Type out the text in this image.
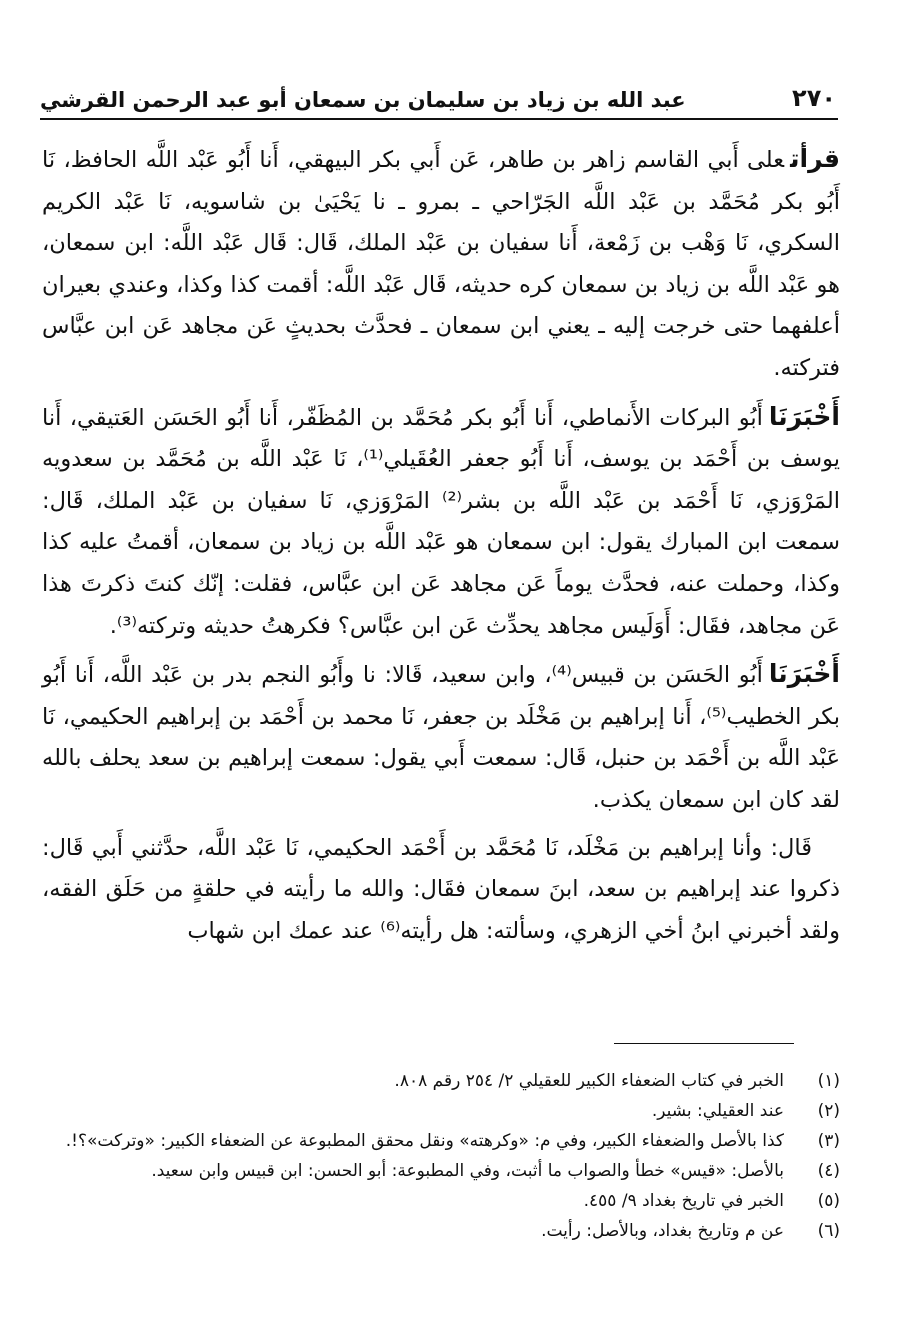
٢٧٠
عبد الله بن زياد بن سليمان بن سمعان أبو عبد الرحمن القرشي

قرأتعلى أَبي القاسم زاهر بن طاهر، عَن أَبي بكر البيهقي، أَنا أَبُو عَبْد اللَّه الحافظ، نَا أَبُو بكر مُحَمَّد بن عَبْد اللَّه الجَرّاحي ـ بمرو ـ نا يَحْيَىٰ بن شاسويه، نَا عَبْد الكريم السكري، نَا وَهْب بن زَمْعة، أَنا سفيان بن عَبْد الملك، قَال: قَال عَبْد اللَّه: ابن سمعان، هو عَبْد اللَّه بن زياد بن سمعان كره حديثه، قَال عَبْد اللَّه: أقمت كذا وكذا، وعندي بعيران أعلفهما حتى خرجت إليه ـ يعني ابن سمعان ـ فحدَّث بحديثٍ عَن مجاهد عَن ابن عبَّاس فتركته.

أَخْبَرَنَاأَبُو البركات الأَنماطي، أَنا أَبُو بكر مُحَمَّد بن المُظَفّر، أَنا أَبُو الحَسَن العَتيقي، أَنا يوسف بن أَحْمَد بن يوسف، أَنا أَبُو جعفر العُقَيلي⁽¹⁾، نَا عَبْد اللَّه بن مُحَمَّد بن سعدويه المَرْوَزي، نَا أَحْمَد بن عَبْد اللَّه بن بشر⁽²⁾ المَرْوَزي، نَا سفيان بن عَبْد الملك، قَال: سمعت ابن المبارك يقول: ابن سمعان هو عَبْد اللَّه بن زياد بن سمعان، أقمتُ عليه كذا وكذا، وحملت عنه، فحدَّث يوماً عَن مجاهد عَن ابن عبَّاس، فقلت: إنّك كنتَ ذكرتَ هذا عَن مجاهد، فقَال: أَوَلَيس مجاهد يحدِّث عَن ابن عبَّاس؟ فكرهتُ حديثه وتركته⁽³⁾.

أَخْبَرَنَاأَبُو الحَسَن بن قبيس⁽⁴⁾، وابن سعيد، قَالا: نا وأَبُو النجم بدر بن عَبْد اللَّه، أَنا أَبُو بكر الخطيب⁽⁵⁾، أَنا إبراهيم بن مَخْلَد بن جعفر، نَا محمد بن أَحْمَد بن إبراهيم الحكيمي، نَا عَبْد اللَّه بن أَحْمَد بن حنبل، قَال: سمعت أَبي يقول: سمعت إبراهيم بن سعد يحلف بالله لقد كان ابن سمعان يكذب.

قَال: وأنا إبراهيم بن مَخْلَد، نَا مُحَمَّد بن أَحْمَد الحكيمي، نَا عَبْد اللَّه، حدَّثني أَبي قَال: ذكروا عند إبراهيم بن سعد، ابنَ سمعان فقَال: والله ما رأيته في حلقةٍ من حَلَق الفقه، ولقد أخبرني ابنُ أخي الزهري، وسألته: هل رأيته⁽⁶⁾ عند عمك ابن شهاب

(١)
الخبر في كتاب الضعفاء الكبير للعقيلي ٢/ ٢٥٤ رقم ٨٠٨.
(٢)
عند العقيلي: بشير.
(٣)
كذا بالأصل والضعفاء الكبير، وفي م: «وكرهته» ونقل محقق المطبوعة عن الضعفاء الكبير: «وتركت»؟!.
(٤)
بالأصل: «قيس» خطأ والصواب ما أثبت، وفي المطبوعة: أبو الحسن: ابن قبيس وابن سعيد.
(٥)
الخبر في تاريخ بغداد ٩/ ٤٥٥.
(٦)
عن م وتاريخ بغداد، وبالأصل: رأيت.
